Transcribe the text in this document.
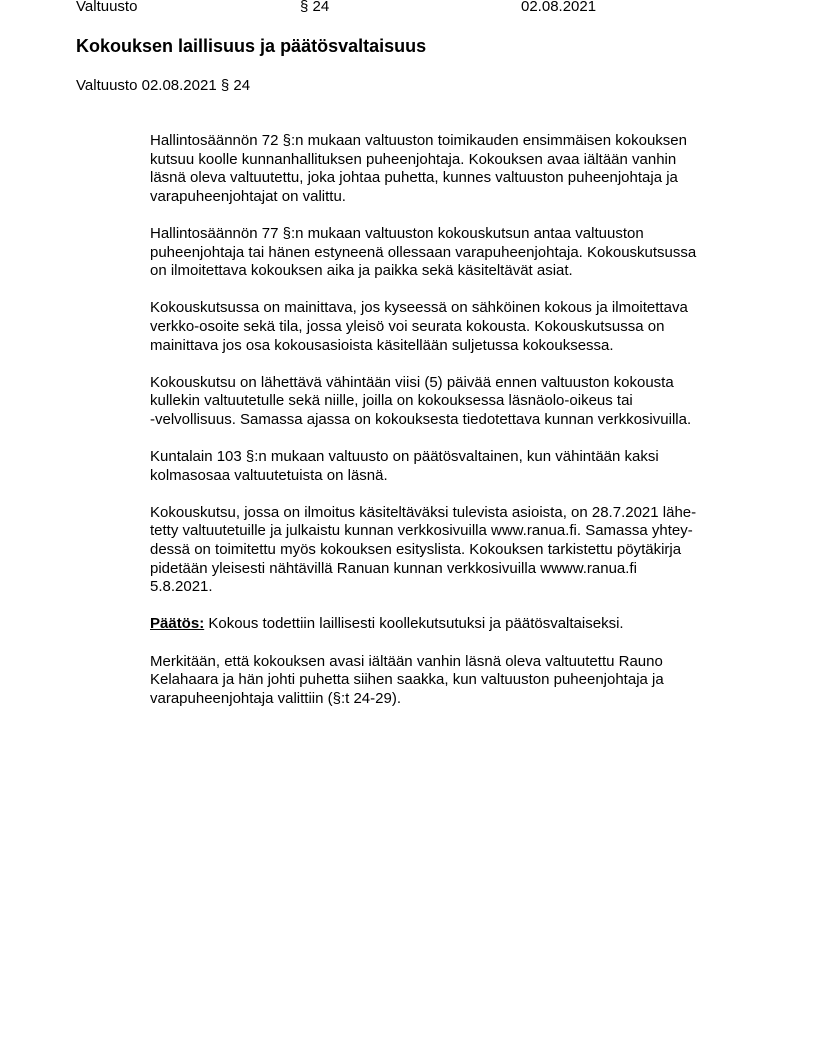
Valtuusto	§ 24	02.08.2021
Kokouksen laillisuus ja päätösvaltaisuus
Valtuusto 02.08.2021 § 24

Hallintosäännön 72 §:n mukaan valtuuston toimikauden ensimmäisen kokouksen
kutsuu koolle kunnanhallituksen puheenjohtaja. Kokouksen avaa iältään vanhin
läsnä oleva valtuutettu, joka johtaa puhetta, kunnes valtuuston puheenjohtaja ja
varapuheenjohtajat on valittu.

Hallintosäännön 77 §:n mukaan valtuuston kokouskutsun antaa valtuuston
puheenjohtaja tai hänen estyneenä ollessaan varapuheenjohtaja. Kokouskutsussa
on ilmoitettava kokouksen aika ja paikka sekä käsiteltävät asiat.

Kokouskutsussa on mainittava, jos kyseessä on sähköinen kokous ja ilmoitettava
verkko-osoite sekä tila, jossa yleisö voi seurata kokousta. Kokouskutsussa on
mainittava jos osa kokousasioista käsitellään suljetussa kokouksessa.

Kokouskutsu on lähettävä vähintään viisi (5) päivää ennen valtuuston kokousta
kullekin valtuutetulle sekä niille, joilla on kokouksessa läsnäolo-oikeus tai
-velvollisuus. Samassa ajassa on kokouksesta tiedotettava kunnan verkkosivuilla.

Kuntalain 103 §:n mukaan valtuusto on päätösvaltainen, kun vähintään kaksi
kolmasosaa valtuutetuista on läsnä.

Kokouskutsu, jossa on ilmoitus käsiteltäväksi tulevista asioista, on 28.7.2021 lähe-
tetty valtuutetuille ja julkaistu kunnan verkkosivuilla www.ranua.fi. Samassa yhtey-
dessä on toimitettu myös kokouksen esityslista. Kokouksen tarkistettu pöytäkirja
pidetään yleisesti nähtävillä Ranuan kunnan verkkosivuilla wwww.ranua.fi
5.8.2021.

Päätös: Kokous todettiin laillisesti koollekutsutuksi ja päätösvaltaiseksi.

Merkitään, että kokouksen avasi iältään vanhin läsnä oleva valtuutettu Rauno
Kelahaara ja hän johti puhetta siihen saakka, kun valtuuston puheenjohtaja ja
varapuheenjohtaja valittiin (§:t 24-29).
